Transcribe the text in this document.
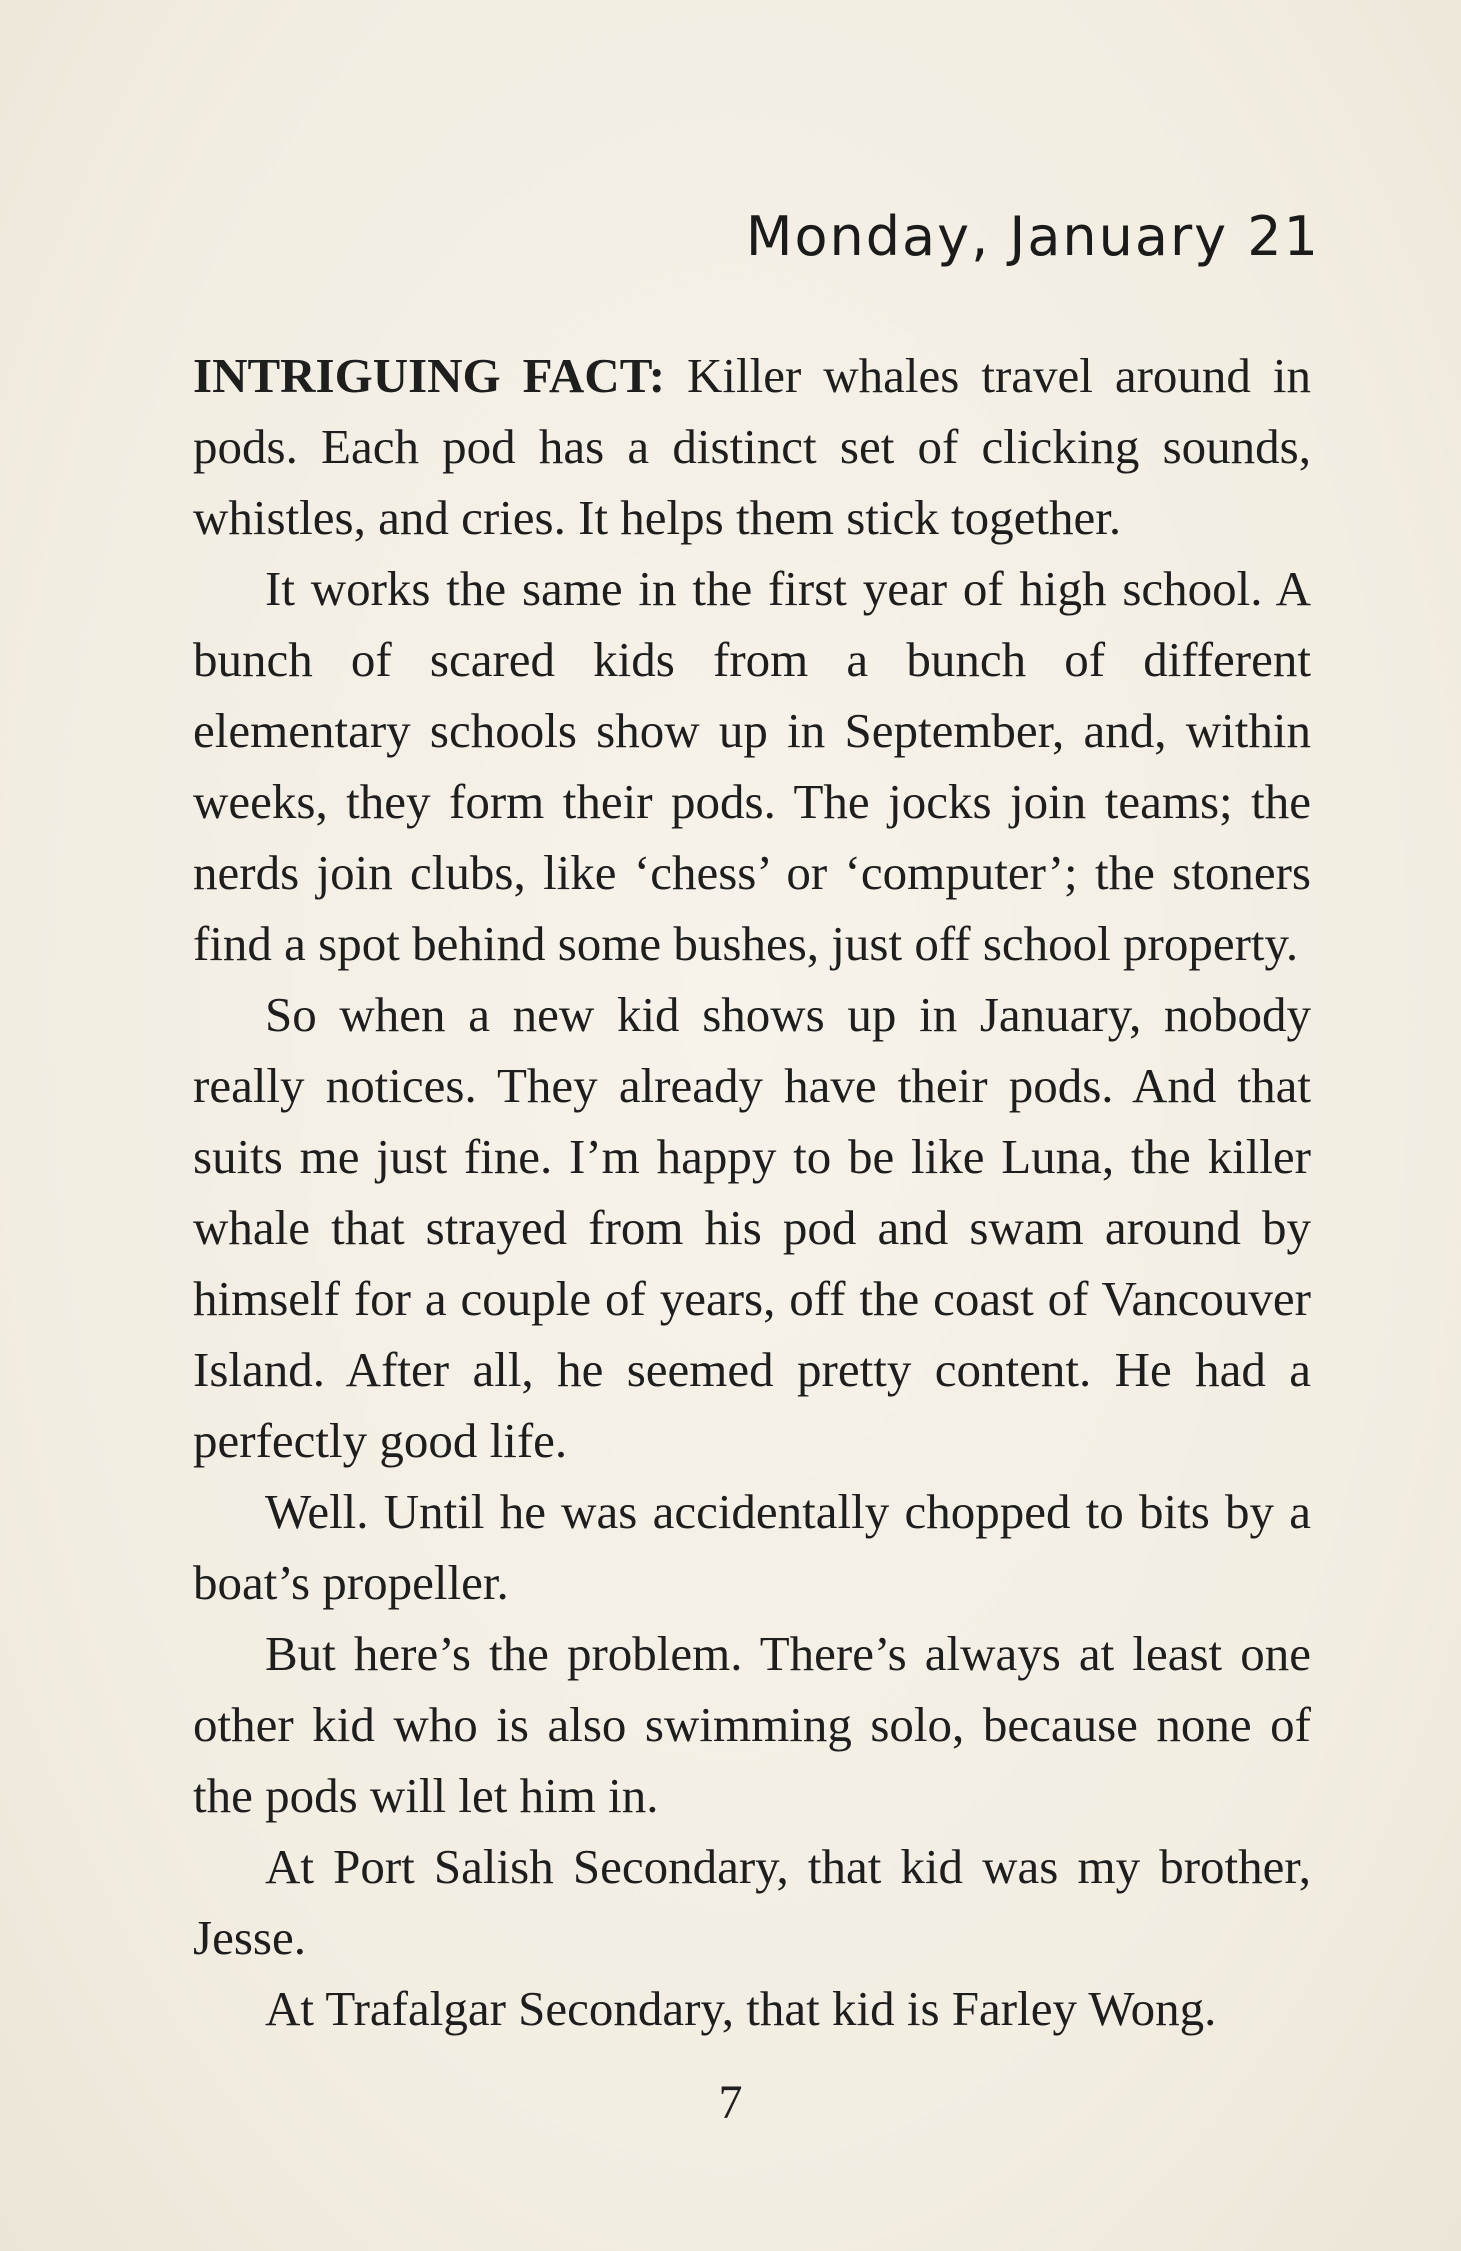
Monday, January 21

INTRIGUING FACT: Killer whales travel around in pods. Each pod has a distinct set of clicking sounds, whistles, and cries. It helps them stick together.

It works the same in the first year of high school. A bunch of scared kids from a bunch of different elementary schools show up in September, and, within weeks, they form their pods. The jocks join teams; the nerds join clubs, like ‘chess’ or ‘computer’; the stoners find a spot behind some bushes, just off school property.

So when a new kid shows up in January, nobody really notices. They already have their pods. And that suits me just fine. I’m happy to be like Luna, the killer whale that strayed from his pod and swam around by himself for a couple of years, off the coast of Vancouver Island. After all, he seemed pretty content. He had a perfectly good life.

Well. Until he was accidentally chopped to bits by a boat’s propeller.

But here’s the problem. There’s always at least one other kid who is also swimming solo, because none of the pods will let him in.

At Port Salish Secondary, that kid was my brother, Jesse.

At Trafalgar Secondary, that kid is Farley Wong.

7
